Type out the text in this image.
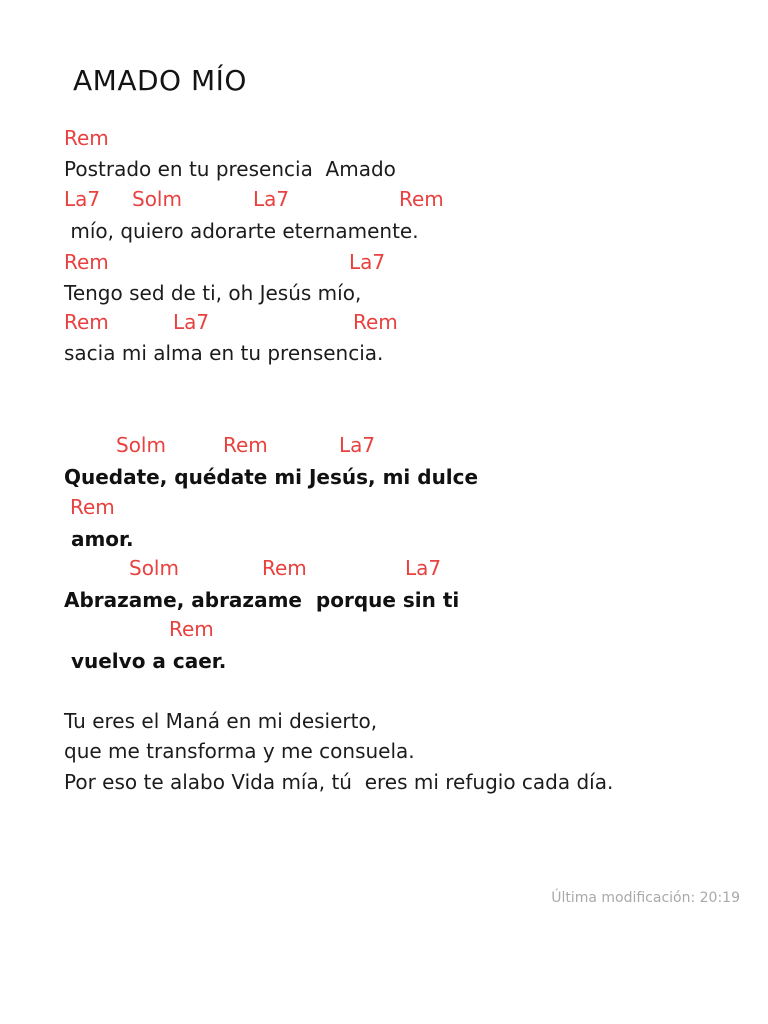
AMADO MÍO
Rem
Postrado en tu presencia  Amado
La7 Solm	La7	Rem
mío, quiero adorarte eternamente.
Rem	La7
Tengo sed de ti, oh Jesús mío,
Rem	La7	Rem
sacia mi alma en tu prensencia.
Solm	Rem	La7
Quedate, quédate mi Jesús, mi dulce
Rem
amor.
Solm	Rem	La7
Abrazame, abrazame  porque sin ti
Rem
vuelvo a caer.
Tu eres el Maná en mi desierto,
que me transforma y me consuela.
Por eso te alabo Vida mía, tú  eres mi refugio cada día.
Última modificación: 20:19
